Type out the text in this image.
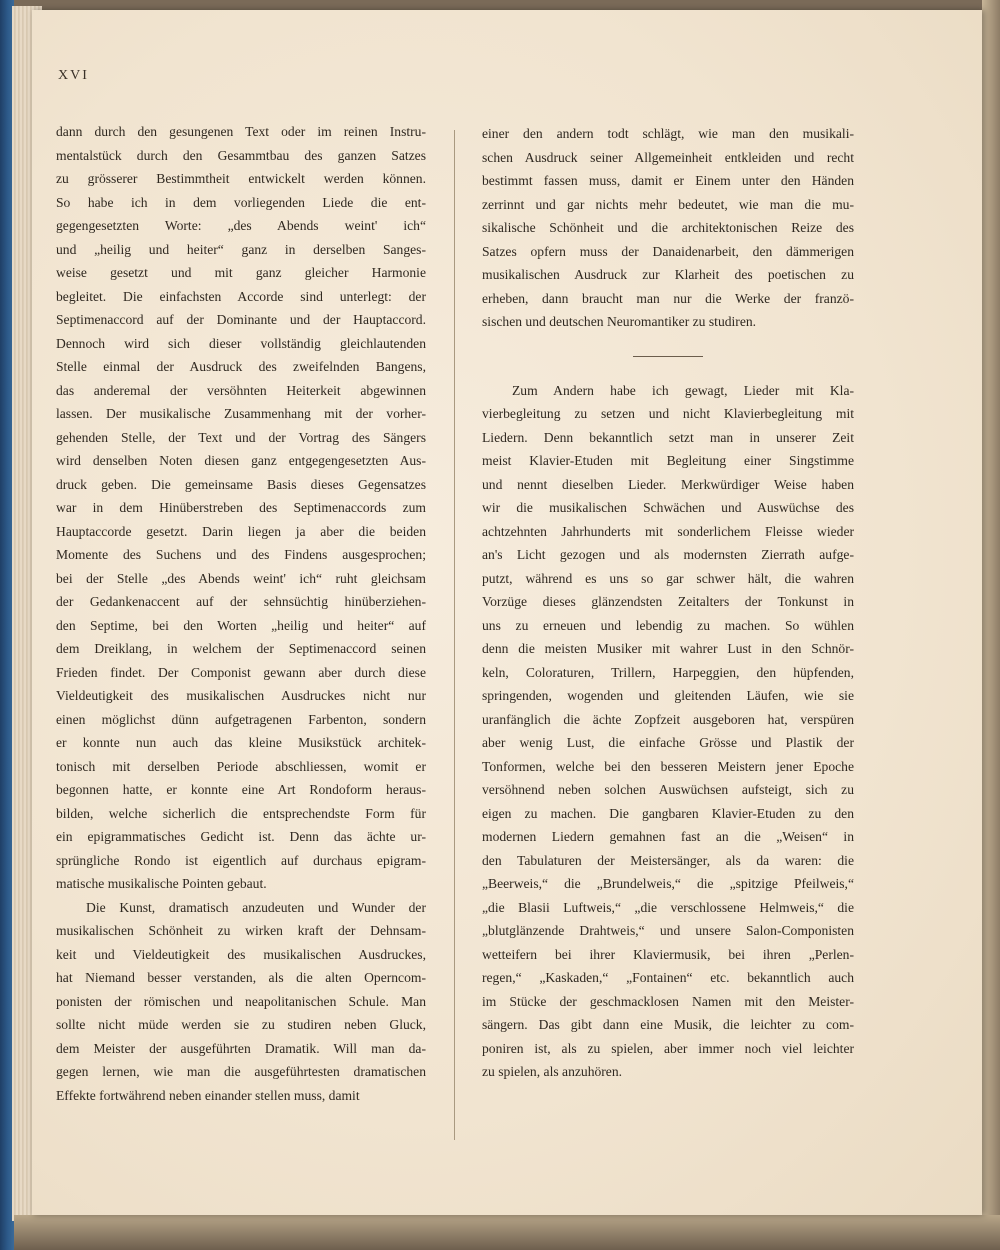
XVI
dann durch den gesungenen Text oder im reinen Instru-
mentalstück durch den Gesammtbau des ganzen Satzes
zu grösserer Bestimmtheit entwickelt werden können.
So habe ich in dem vorliegenden Liede die ent-
gegengesetzten Worte: „des Abends weint' ich“
und „heilig und heiter“ ganz in derselben Sanges-
weise gesetzt und mit ganz gleicher Harmonie
begleitet. Die einfachsten Accorde sind unterlegt: der
Septimenaccord auf der Dominante und der Hauptaccord.
Dennoch wird sich dieser vollständig gleichlautenden
Stelle einmal der Ausdruck des zweifelnden Bangens,
das anderemal der versöhnten Heiterkeit abgewinnen
lassen. Der musikalische Zusammenhang mit der vorher-
gehenden Stelle, der Text und der Vortrag des Sängers
wird denselben Noten diesen ganz entgegengesetzten Aus-
druck geben. Die gemeinsame Basis dieses Gegensatzes
war in dem Hinüberstreben des Septimenaccords zum
Hauptaccorde gesetzt. Darin liegen ja aber die beiden
Momente des Suchens und des Findens ausgesprochen;
bei der Stelle „des Abends weint' ich“ ruht gleichsam
der Gedankenaccent auf der sehnsüchtig hinüberziehen-
den Septime, bei den Worten „heilig und heiter“ auf
dem Dreiklang, in welchem der Septimenaccord seinen
Frieden findet. Der Componist gewann aber durch diese
Vieldeutigkeit des musikalischen Ausdruckes nicht nur
einen möglichst dünn aufgetragenen Farbenton, sondern
er konnte nun auch das kleine Musikstück architek-
tonisch mit derselben Periode abschliessen, womit er
begonnen hatte, er konnte eine Art Rondoform heraus-
bilden, welche sicherlich die entsprechendste Form für
ein epigrammatisches Gedicht ist. Denn das ächte ur-
sprüngliche Rondo ist eigentlich auf durchaus epigram-
matische musikalische Pointen gebaut.
Die Kunst, dramatisch anzudeuten und Wunder der
musikalischen Schönheit zu wirken kraft der Dehnsam-
keit und Vieldeutigkeit des musikalischen Ausdruckes,
hat Niemand besser verstanden, als die alten Operncom-
ponisten der römischen und neapolitanischen Schule. Man
sollte nicht müde werden sie zu studiren neben Gluck,
dem Meister der ausgeführten Dramatik. Will man da-
gegen lernen, wie man die ausgeführtesten dramatischen
Effekte fortwährend neben einander stellen muss, damit
einer den andern todt schlägt, wie man den musikali-
schen Ausdruck seiner Allgemeinheit entkleiden und recht
bestimmt fassen muss, damit er Einem unter den Händen
zerrinnt und gar nichts mehr bedeutet, wie man die mu-
sikalische Schönheit und die architektonischen Reize des
Satzes opfern muss der Danaidenarbeit, den dämmerigen
musikalischen Ausdruck zur Klarheit des poetischen zu
erheben, dann braucht man nur die Werke der franzö-
sischen und deutschen Neuromantiker zu studiren.
Zum Andern habe ich gewagt, Lieder mit Kla-
vierbegleitung zu setzen und nicht Klavierbegleitung mit
Liedern. Denn bekanntlich setzt man in unserer Zeit
meist Klavier-Etuden mit Begleitung einer Singstimme
und nennt dieselben Lieder. Merkwürdiger Weise haben
wir die musikalischen Schwächen und Auswüchse des
achtzehnten Jahrhunderts mit sonderlichem Fleisse wieder
an's Licht gezogen und als modernsten Zierrath aufge-
putzt, während es uns so gar schwer hält, die wahren
Vorzüge dieses glänzendsten Zeitalters der Tonkunst in
uns zu erneuen und lebendig zu machen. So wühlen
denn die meisten Musiker mit wahrer Lust in den Schnör-
keln, Coloraturen, Trillern, Harpeggien, den hüpfenden,
springenden, wogenden und gleitenden Läufen, wie sie
uranfänglich die ächte Zopfzeit ausgeboren hat, verspüren
aber wenig Lust, die einfache Grösse und Plastik der
Tonformen, welche bei den besseren Meistern jener Epoche
versöhnend neben solchen Auswüchsen aufsteigt, sich zu
eigen zu machen. Die gangbaren Klavier-Etuden zu den
modernen Liedern gemahnen fast an die „Weisen“ in
den Tabulaturen der Meistersänger, als da waren: die
„Beerweis,“ die „Brundelweis,“ die „spitzige Pfeilweis,“
„die Blasii Luftweis,“ „die verschlossene Helmweis,“ die
„blutglänzende Drahtweis,“ und unsere Salon-Componisten
wetteifern bei ihrer Klaviermusik, bei ihren „Perlen-
regen,“ „Kaskaden,“ „Fontainen“ etc. bekanntlich auch
im Stücke der geschmacklosen Namen mit den Meister-
sängern. Das gibt dann eine Musik, die leichter zu com-
poniren ist, als zu spielen, aber immer noch viel leichter
zu spielen, als anzuhören.
